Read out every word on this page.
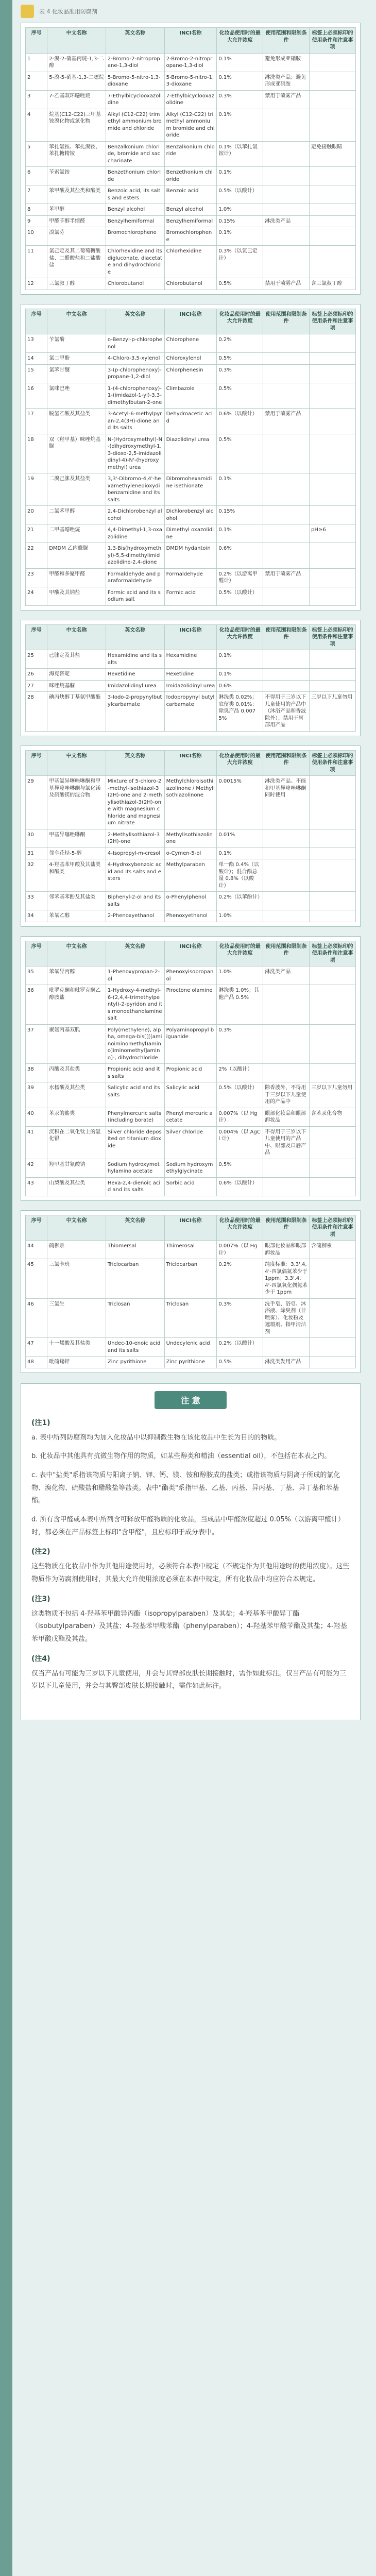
表 4 化妆品准用防腐剂
序号	中文名称	英文名称	INCI名称	化妆品使用时的最大允许浓度	使用范围和限制条件	标签上必须标印的使用条件和注意事项
1	2-溴-2-硝基丙烷-1,3-二醇	2-Bromo-2-nitropropane-1,3-diol	2-Bromo-2-nitropropane-1,3-diol	0.1%	避免形成亚硝胺	
2	5-溴-5-硝基-1,3-二噁烷	5-Bromo-5-nitro-1,3-dioxane	5-Bromo-5-nitro-1,3-dioxane	0.1%	淋洗类产品；避免形成亚硝胺	
3	7-乙基双环噁唑烷	7-Ethylbicyclooxazolidine	7-Ethylbicyclooxazolidine	0.3%	禁用于喷雾产品	
4	烷基(C12-C22)三甲基铵溴化物或氯化物	Alkyl (C12-C22) trimethyl ammonium bromide and chloride	Alkyl (C12-C22) trimethyl ammonium bromide and chloride	0.1%		
5	苯扎氯铵、苯扎溴铵、苯扎糖精铵	Benzalkonium chloride, bromide and saccharinate	Benzalkonium chloride	0.1%（以苯扎氯铵计）		避免接触眼睛
6	苄索氯铵	Benzethonium chloride	Benzethonium chloride	0.1%		
7	苯甲酸及其盐类和酯类	Benzoic acid, its salts and esters	Benzoic acid	0.5%（以酸计）		
8	苯甲醇	Benzyl alcohol	Benzyl alcohol	1.0%		
9	甲醛苄醇半缩醛	Benzylhemiformal	Benzylhemiformal	0.15%	淋洗类产品	
10	溴氯芬	Bromochlorophene	Bromochlorophene	0.1%		
11	氯己定及其二葡萄糖酸盐、二醋酸盐和二盐酸盐	Chlorhexidine and its digluconate, diacetate and dihydrochloride	Chlorhexidine	0.3%（以氯己定计）		
12	三氯叔丁醇	Chlorobutanol	Chlorobutanol	0.5%	禁用于喷雾产品	含三氯叔丁醇
序号	中文名称	英文名称	INCI名称	化妆品使用时的最大允许浓度	使用范围和限制条件	标签上必须标印的使用条件和注意事项
13	苄氯酚	o-Benzyl-p-chlorophenol	Chlorophene	0.2%		
14	氯二甲酚	4-Chloro-3,5-xylenol	Chloroxylenol	0.5%		
15	氯苯甘醚	3-(p-chlorophenoxy)-propane-1,2-diol	Chlorphenesin	0.3%		
16	氯咪巴唑	1-(4-chlorophenoxy)-1-(imidazol-1-yl)-3,3-dimethylbutan-2-one	Climbazole	0.5%		
17	脱氢乙酸及其盐类	3-Acetyl-6-methylpyran-2,4(3H)-dione and its salts	Dehydroacetic acid	0.6%（以酸计）	禁用于喷雾产品	
18	双（羟甲基）咪唑烷基脲	N-(Hydroxymethyl)-N-(dihydroxymethyl-1,3-dioxo-2,5-imidazolidinyl-4)-N'-(hydroxymethyl) urea	Diazolidinyl urea	0.5%		
19	二溴己脒及其盐类	3,3'-Dibromo-4,4'-hexamethylenedioxydibenzamidine and its salts	Dibromohexamidine isethionate	0.1%		
20	二氯苯甲醇	2,4-Dichlorobenzyl alcohol	Dichlorobenzyl alcohol	0.15%		
21	二甲基噁唑烷	4,4-Dimethyl-1,3-oxazolidine	Dimethyl oxazolidine	0.1%		pH≥6
22	DMDM 乙内酰脲	1,3-Bis(hydroxymethyl)-5,5-dimethylimidazolidine-2,4-dione	DMDM hydantoin	0.6%		
23	甲醛和多聚甲醛	Formaldehyde and paraformaldehyde	Formaldehyde	0.2%（以游离甲醛计）	禁用于喷雾产品	
24	甲酸及其钠盐	Formic acid and its sodium salt	Formic acid	0.5%（以酸计）		
序号	中文名称	英文名称	INCI名称	化妆品使用时的最大允许浓度	使用范围和限制条件	标签上必须标印的使用条件和注意事项
25	己脒定及其盐	Hexamidine and its salts	Hexamidine	0.1%		
26	海克替啶	Hexetidine	Hexetidine	0.1%		
27	咪唑烷基脲	Imidazolidinyl urea	Imidazolidinyl urea	0.6%		
28	碘丙炔醇丁基氨甲酸酯	3-Iodo-2-propynylbutylcarbamate	Iodopropynyl butylcarbamate	淋洗类 0.02%；驻留类 0.01%；除臭产品 0.0075%	不得用于三岁以下儿童使用的产品中（沐浴产品和香波除外）；禁用于唇部用产品	三岁以下儿童勿用
序号	中文名称	英文名称	INCI名称	化妆品使用时的最大允许浓度	使用范围和限制条件	标签上必须标印的使用条件和注意事项
29	甲基氯异噻唑啉酮和甲基异噻唑啉酮与氯化镁及硝酸镁的混合物	Mixture of 5-chloro-2-methyl-isothiazol-3(2H)-one and 2-methylisothiazol-3(2H)-one with magnesium chloride and magnesium nitrate	Methylchloroisothiazolinone / Methylisothiazolinone	0.0015%	淋洗类产品。不能和甲基异噻唑啉酮同时使用	
30	甲基异噻唑啉酮	2-Methylisothiazol-3(2H)-one	Methylisothiazolinone	0.01%		
31	邻伞花烃-5-醇	4-Isopropyl-m-cresol	o-Cymen-5-ol	0.1%		
32	4-羟基苯甲酸及其盐类和酯类	4-Hydroxybenzoic acid and its salts and esters	Methylparaben	单一酯 0.4%（以酸计）；混合酯总量 0.8%（以酸计）		
33	邻苯基苯酚及其盐类	Biphenyl-2-ol and its salts	o-Phenylphenol	0.2%（以苯酚计）		
34	苯氧乙醇	2-Phenoxyethanol	Phenoxyethanol	1.0%		
序号	中文名称	英文名称	INCI名称	化妆品使用时的最大允许浓度	使用范围和限制条件	标签上必须标印的使用条件和注意事项
35	苯氧异丙醇	1-Phenoxypropan-2-ol	Phenoxyisopropanol	1.0%	淋洗类产品	
36	吡罗克酮和吡罗克酮乙醇胺盐	1-Hydroxy-4-methyl-6-(2,4,4-trimethylpentyl)-2-pyridon and its monoethanolamine salt	Piroctone olamine	淋洗类 1.0%；其他产品 0.5%		
37	聚氨丙基双胍	Poly(methylene), alpha, omega-bis[[[(aminoiminomethyl)amino]iminomethyl]amino]-, dihydrochloride	Polyaminopropyl biguanide	0.3%		
38	丙酸及其盐类	Propionic acid and its salts	Propionic acid	2%（以酸计）		
39	水杨酸及其盐类	Salicylic acid and its salts	Salicylic acid	0.5%（以酸计）	除香波外，不得用于三岁以下儿童使用的产品中	三岁以下儿童勿用
40	苯汞的盐类	Phenylmercuric salts (including borate)	Phenyl mercuric acetate	0.007%（以 Hg 计）	眼部化妆品和眼部卸妆品	含苯汞化合物
41	沉积在二氧化钛上的氯化银	Silver chloride deposited on titanium dioxide	Silver chloride	0.004%（以 AgCl 计）	不得用于三岁以下儿童使用的产品中、眼部及口唇产品	
42	羟甲基甘氨酸钠	Sodium hydroxymethylamino acetate	Sodium hydroxymethylglycinate	0.5%		
43	山梨酸及其盐类	Hexa-2,4-dienoic acid and its salts	Sorbic acid	0.6%（以酸计）		
序号	中文名称	英文名称	INCI名称	化妆品使用时的最大允许浓度	使用范围和限制条件	标签上必须标印的使用条件和注意事项
44	硫柳汞	Thiomersal	Thimerosal	0.007%（以 Hg 计）	眼部化妆品和眼部卸妆品	含硫柳汞
45	三氯卡班	Triclocarban	Triclocarban	0.2%	纯度标准：3,3',4,4'-四氯偶氮苯少于 1ppm；3,3',4,4'-四氯氧化偶氮苯少于 1ppm	
46	三氯生	Triclosan	Triclosan	0.3%	洗手皂、浴皂、沐浴液、除臭剂（非喷雾）、化妆粉及遮瑕剂、指甲清洁剂	
47	十一烯酸及其盐类	Undec-10-enoic acid and its salts	Undecylenic acid	0.2%（以酸计）		
48	吡硫鎓锌	Zinc pyrithione	Zinc pyrithione	0.5%	淋洗类发用产品	
注 意
(注1)

a. 表中所列防腐剂均为加入化妆品中以抑制微生物在该化妆品中生长为目的的物质。

b. 化妆品中其他具有抗微生物作用的物质，如某些醇类和精油（essential oil），不包括在本表之内。

c. 表中"盐类"系指该物质与阳离子钠、钾、钙、镁、铵和醇胺成的盐类；或指该物质与阴离子所成的氯化物、溴化物、硫酸盐和醋酸盐等盐类。表中"酯类"系指甲基、乙基、丙基、异丙基、丁基、异丁基和苯基酯。

d. 所有含甲醛或本表中所列含可释放甲醛物质的化妆品，当成品中甲醛浓度超过 0.05%（以游离甲醛计）时，都必须在产品标签上标印"含甲醛"，且应标印于成分表中。

(注2)

这些物质在化妆品中作为其他用途使用时，必须符合本表中规定（不规定作为其他用途时的使用浓度）。这些物质作为防腐剂使用时，其最大允许使用浓度必须在本表中规定，所有化妆品中均应符合本规定。

(注3)

这类物质不包括 4-羟基苯甲酸异丙酯（isopropylparaben）及其盐；4-羟基苯甲酸异丁酯（isobutylparaben）及其盐；4-羟基苯甲酸苯酯（phenylparaben）；4-羟基苯甲酸苄酯及其盐；4-羟基苯甲酸戊酯及其盐。

(注4)

仅当产品有可能为三岁以下儿童使用，并会与其臀部皮肤长期接触时，需作如此标注。仅当产品有可能为三岁以下儿童使用，并会与其臀部皮肤长期接触时，需作如此标注。
